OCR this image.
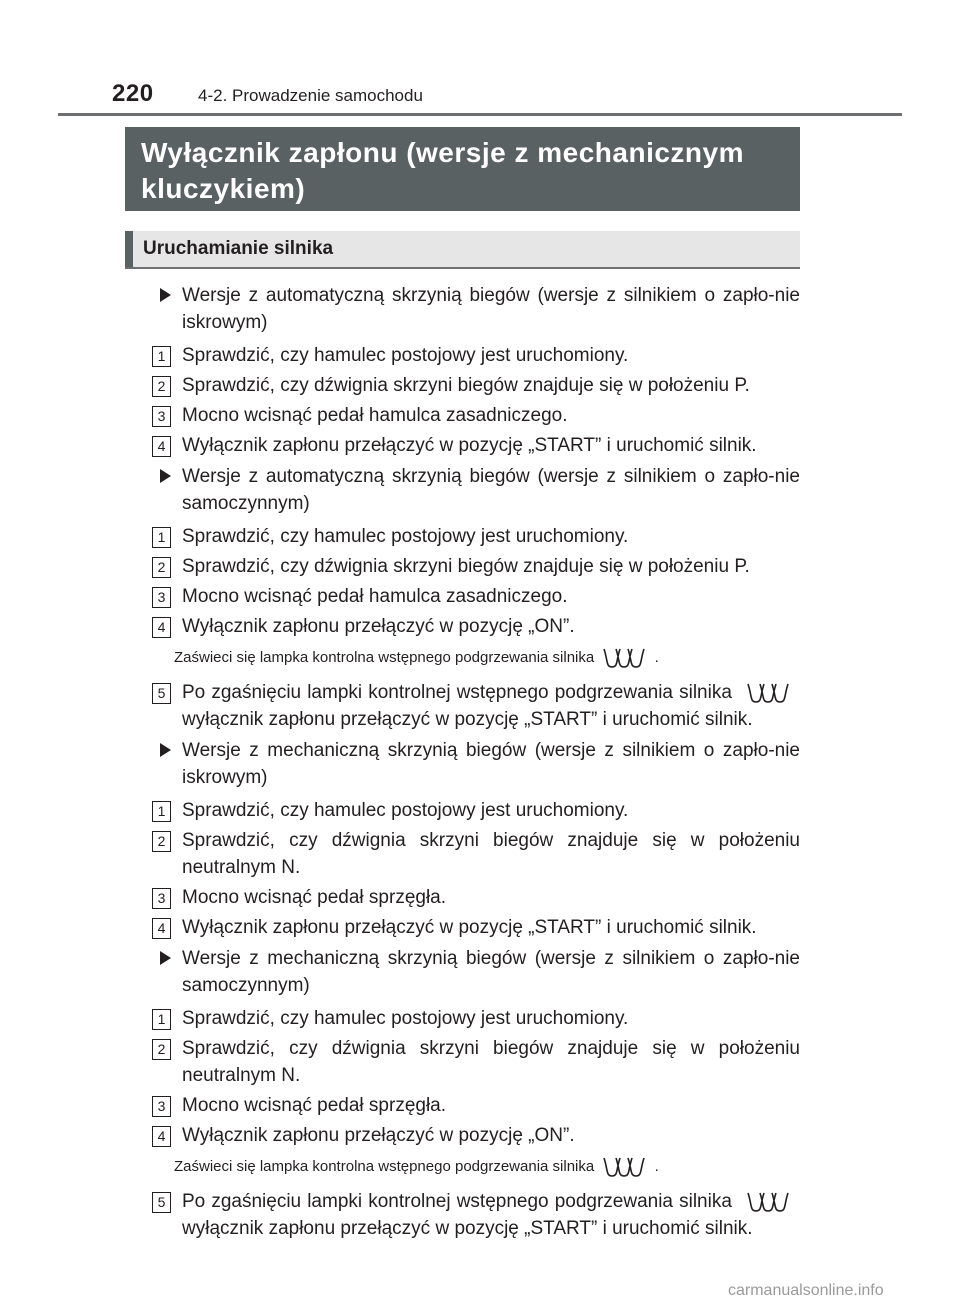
220	4-2. Prowadzenie samochodu
Wyłącznik zapłonu (wersje z mechanicznym kluczykiem)
Uruchamianie silnika
Wersje z automatyczną skrzynią biegów (wersje z silnikiem o zapło-nie iskrowym)
1 Sprawdzić, czy hamulec postojowy jest uruchomiony.
2 Sprawdzić, czy dźwignia skrzyni biegów znajduje się w położeniu P.
3 Mocno wcisnąć pedał hamulca zasadniczego.
4 Wyłącznik zapłonu przełączyć w pozycję „START” i uruchomić silnik.
Wersje z automatyczną skrzynią biegów (wersje z silnikiem o zapło-nie samoczynnym)
1 Sprawdzić, czy hamulec postojowy jest uruchomiony.
2 Sprawdzić, czy dźwignia skrzyni biegów znajduje się w położeniu P.
3 Mocno wcisnąć pedał hamulca zasadniczego.
4 Wyłącznik zapłonu przełączyć w pozycję „ON”.
Zaświeci się lampka kontrolna wstępnego podgrzewania silnika	.
5 Po zgaśnięciu lampki kontrolnej wstępnego podgrzewania silnika
wyłącznik zapłonu przełączyć w pozycję „START” i uruchomić silnik.
Wersje z mechaniczną skrzynią biegów (wersje z silnikiem o zapło-nie iskrowym)
1 Sprawdzić, czy hamulec postojowy jest uruchomiony.
2 Sprawdzić, czy dźwignia skrzyni biegów znajduje się w położeniu neutralnym N.
3 Mocno wcisnąć pedał sprzęgła.
4 Wyłącznik zapłonu przełączyć w pozycję „START” i uruchomić silnik.
Wersje z mechaniczną skrzynią biegów (wersje z silnikiem o zapło-nie samoczynnym)
1 Sprawdzić, czy hamulec postojowy jest uruchomiony.
2 Sprawdzić, czy dźwignia skrzyni biegów znajduje się w położeniu neutralnym N.
3 Mocno wcisnąć pedał sprzęgła.
4 Wyłącznik zapłonu przełączyć w pozycję „ON”.
Zaświeci się lampka kontrolna wstępnego podgrzewania silnika	.
5 Po zgaśnięciu lampki kontrolnej wstępnego podgrzewania silnika
wyłącznik zapłonu przełączyć w pozycję „START” i uruchomić silnik.
carmanualsonline.info
